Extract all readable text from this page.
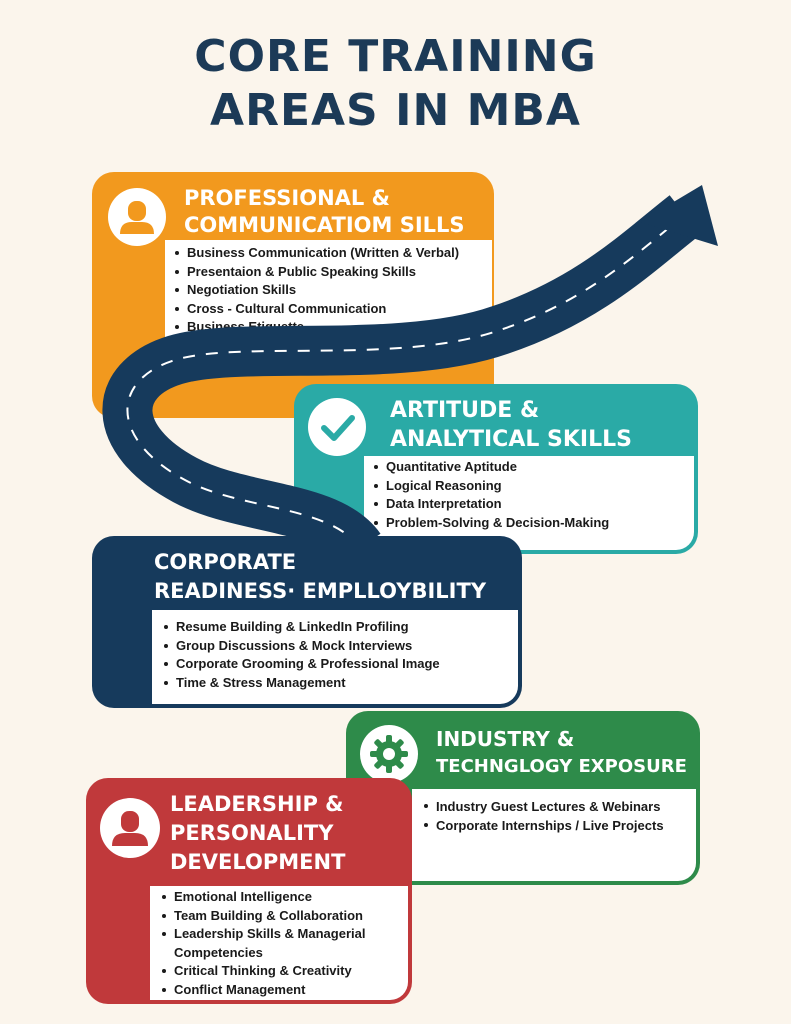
CORE TRAINING
AREAS IN MBA
PROFESSIONAL &
COMMUNICATIOM SILLS
Business Communication (Written & Verbal)
Presentaion & Public Speaking Skills
Negotiation Skills
Cross - Cultural Communication
Business Etiquette
ARTITUDE &
ANALYTICAL SKILLS
Quantitative Aptitude
Logical Reasoning
Data Interpretation
Problem-Solving & Decision-Making
CORPORATE
READINESS· EMPLLOYBILITY
Resume Building & LinkedIn Profiling
Group Discussions & Mock Interviews
Corporate Grooming & Professional Image
Time & Stress Management
INDUSTRY &
TECHNGLOGY EXPOSURE
Industry Guest Lectures & Webinars
Corporate Internships / Live Projects
LEADERSHIP &
PERSONALITY
DEVELOPMENT
Emotional Intelligence
Team Building & Collaboration
Leadership Skills & Managerial Competencies
Critical Thinking & Creativity
Conflict Management
